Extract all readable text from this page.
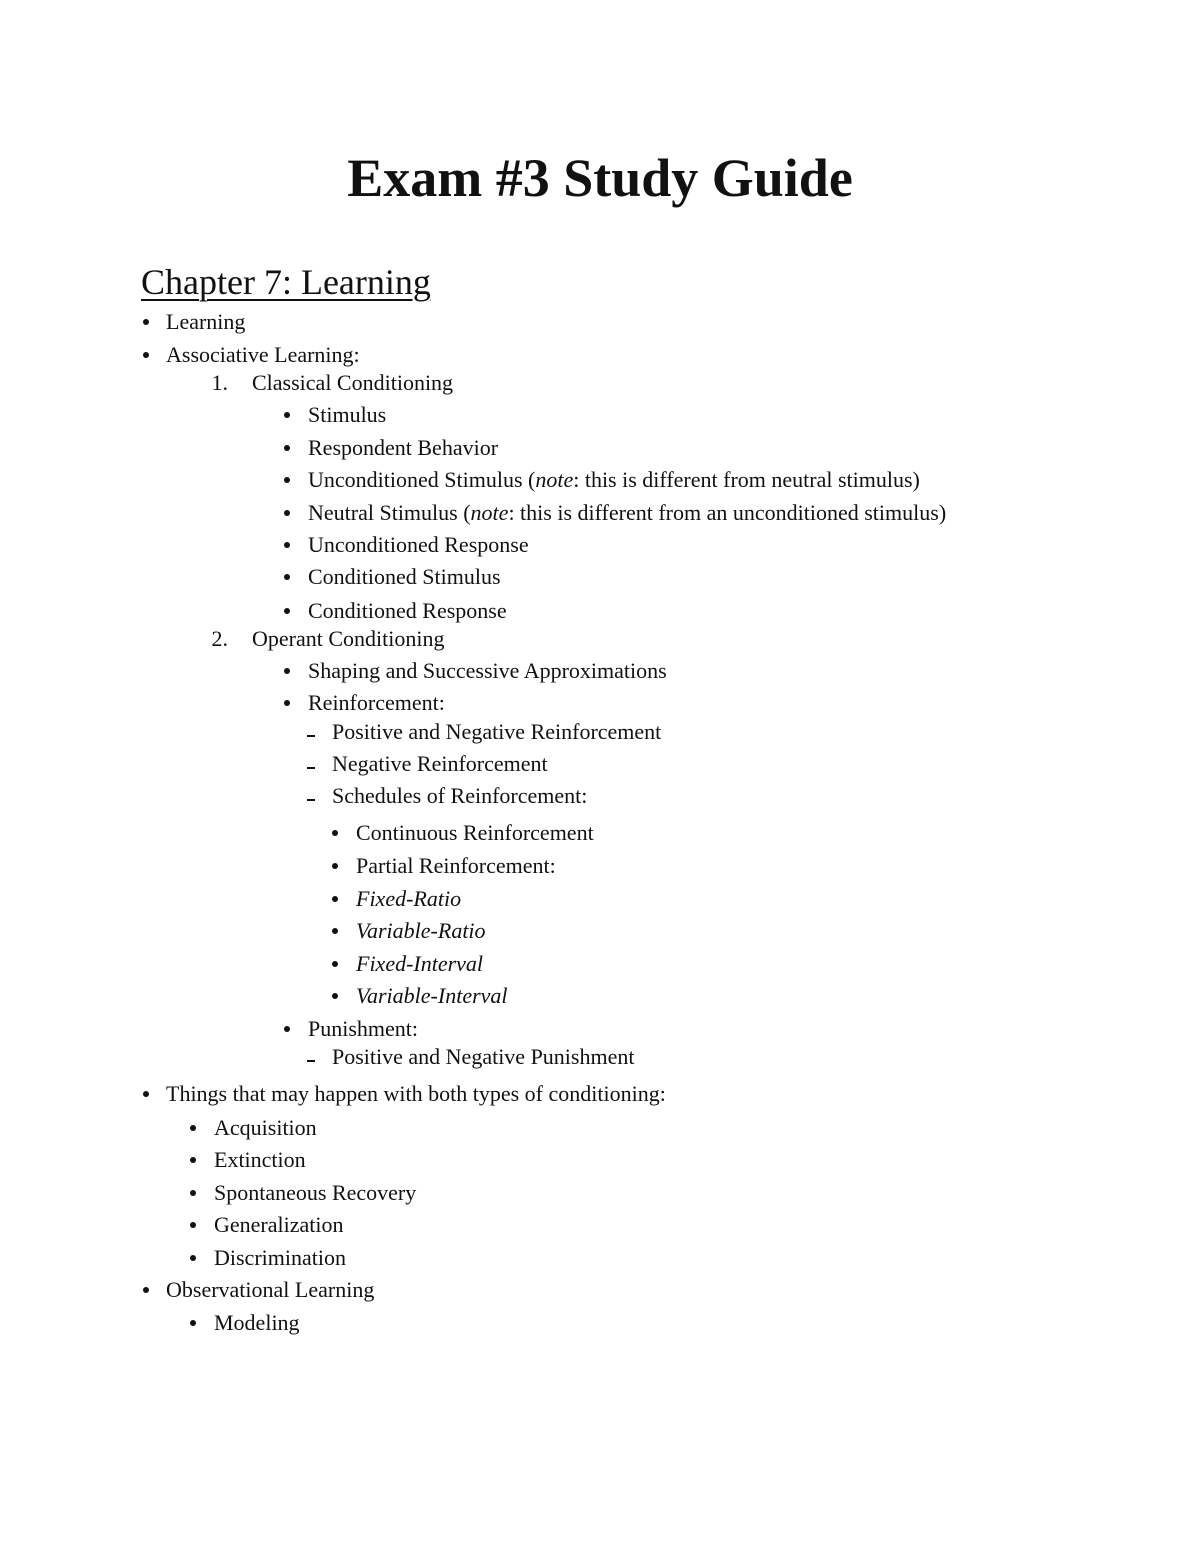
Exam #3 Study Guide
Chapter 7: Learning
Learning
Associative Learning:
1. Classical Conditioning
Stimulus
Respondent Behavior
Unconditioned Stimulus (note: this is different from neutral stimulus)
Neutral Stimulus (note: this is different from an unconditioned stimulus)
Unconditioned Response
Conditioned Stimulus
Conditioned Response
2. Operant Conditioning
Shaping and Successive Approximations
Reinforcement:
Positive and Negative Reinforcement
Negative Reinforcement
Schedules of Reinforcement:
Continuous Reinforcement
Partial Reinforcement:
Fixed-Ratio
Variable-Ratio
Fixed-Interval
Variable-Interval
Punishment:
Positive and Negative Punishment
Things that may happen with both types of conditioning:
Acquisition
Extinction
Spontaneous Recovery
Generalization
Discrimination
Observational Learning
Modeling
